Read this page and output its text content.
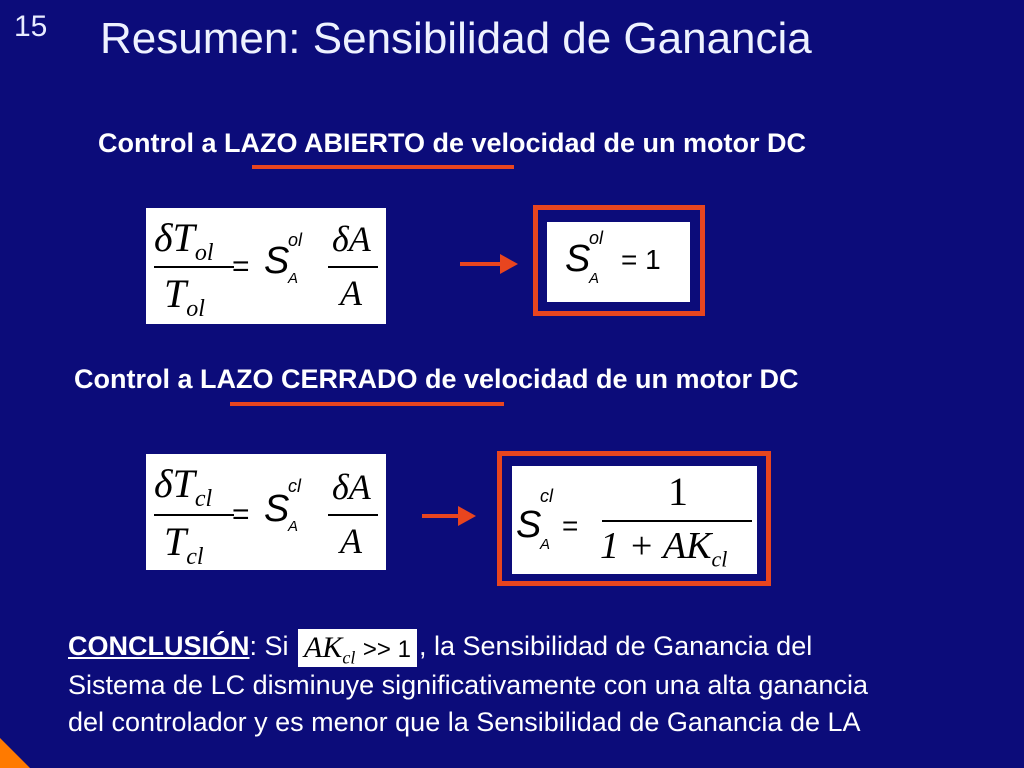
15 Resumen: Sensibilidad de Ganancia
Control a LAZO ABIERTO de velocidad de un motor DC
$\delta T_{ol}$
$T_{ol}$
= S
ol
A
δA
A
S
ol
A
= 1
Control a LAZO CERRADO de velocidad de un motor DC
$\delta T_{cl}$
$T_{cl}$
= S
cl
A
δA
A	S
cl
A
=
1
$1 + AK_{cl}$
CONCLUSIÓN: Si $AK_{cl} >> 1$ , la Sensibilidad de Ganancia del
Sistema de LC disminuye significativamente con una alta ganancia
del controlador y es menor que la Sensibilidad de Ganancia de LA
